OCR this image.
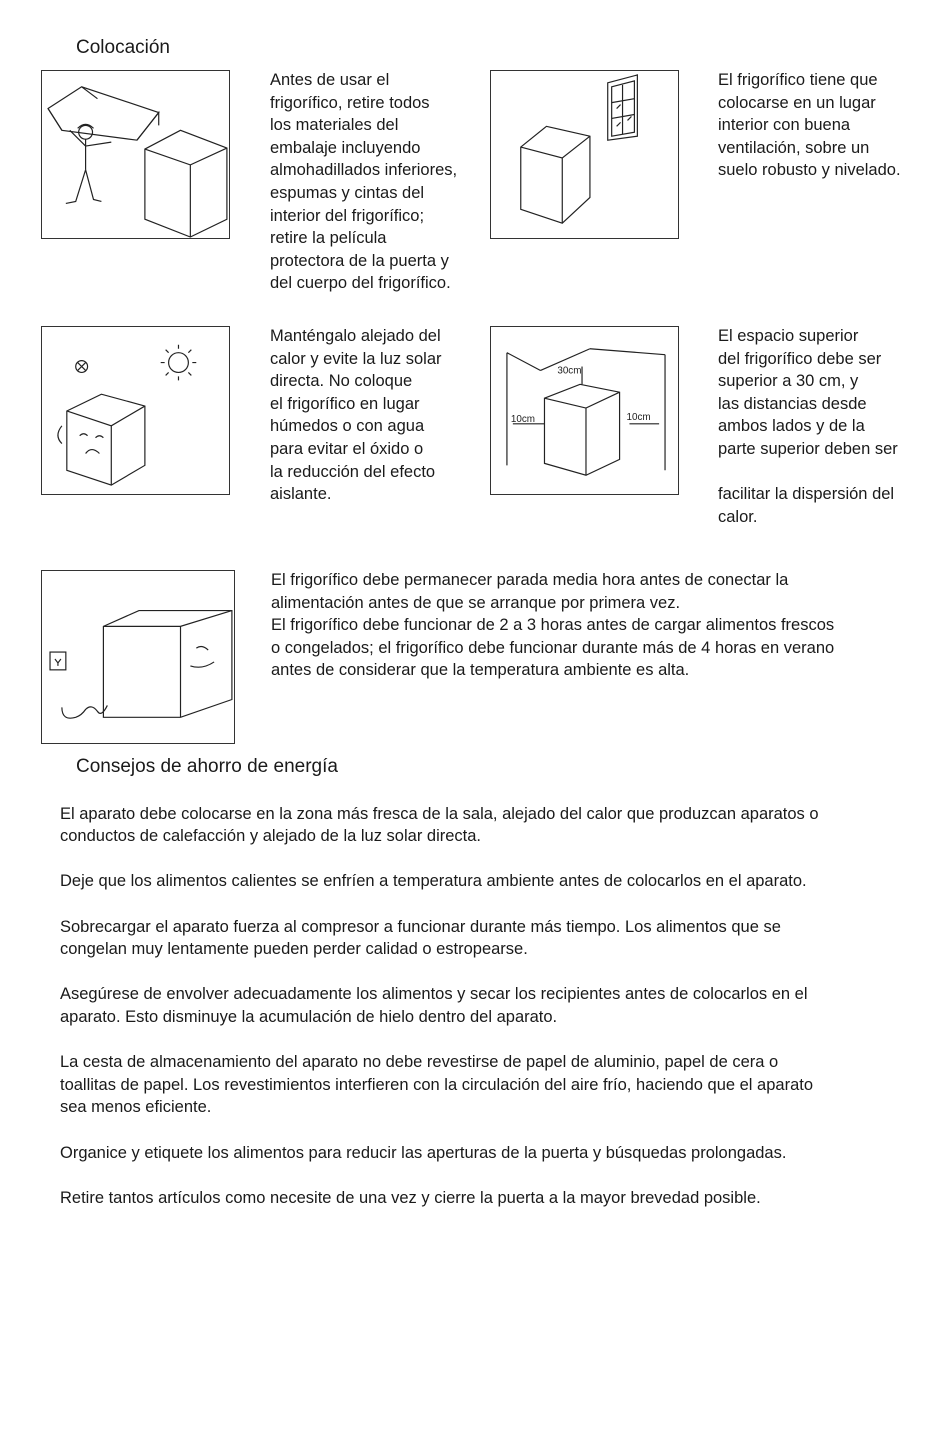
Colocación
Antes de usar el
frigorífico, retire todos
los materiales del
embalaje incluyendo
almohadillados inferiores,
espumas y cintas del
interior del frigorífico;
retire la película
protectora de la puerta y
del cuerpo del frigorífico.
El frigorífico tiene que
colocarse en un lugar
interior con buena
ventilación, sobre un
suelo robusto y nivelado.
Manténgalo alejado del
calor y evite la luz solar
directa. No coloque
el frigorífico en lugar
húmedos o con agua
para evitar el óxido o
la reducción del efecto
aislante.
30cm
10cm	10cm
El espacio superior
del frigorífico debe ser
superior a 30 cm, y
las distancias desde
ambos lados y de la
parte superior deben ser

facilitar la dispersión del
calor.
El frigorífico debe permanecer parada media hora antes de conectar la
alimentación antes de que se arranque por primera vez.
El frigorífico debe funcionar de 2 a 3 horas antes de cargar alimentos frescos
o congelados; el frigorífico debe funcionar durante más de 4 horas en verano
antes de considerar que la temperatura ambiente es alta.
Consejos de ahorro de energía

El aparato debe colocarse en la zona más fresca de la sala, alejado del calor que produzcan aparatos o
conductos de calefacción y alejado de la luz solar directa.

Deje que los alimentos calientes se enfríen a temperatura ambiente antes de colocarlos en el aparato.

Sobrecargar el aparato fuerza al compresor a funcionar durante más tiempo. Los alimentos que se
congelan muy lentamente pueden perder calidad o estropearse.

Asegúrese de envolver adecuadamente los alimentos y secar los recipientes antes de colocarlos en el
aparato. Esto disminuye la acumulación de hielo dentro del aparato.

La cesta de almacenamiento del aparato no debe revestirse de papel de aluminio, papel de cera o
toallitas de papel. Los revestimientos interfieren con la circulación del aire frío, haciendo que el aparato
sea menos eficiente.

Organice y etiquete los alimentos para reducir las aperturas de la puerta y búsquedas prolongadas.

Retire tantos artículos como necesite de una vez y cierre la puerta a la mayor brevedad posible.
